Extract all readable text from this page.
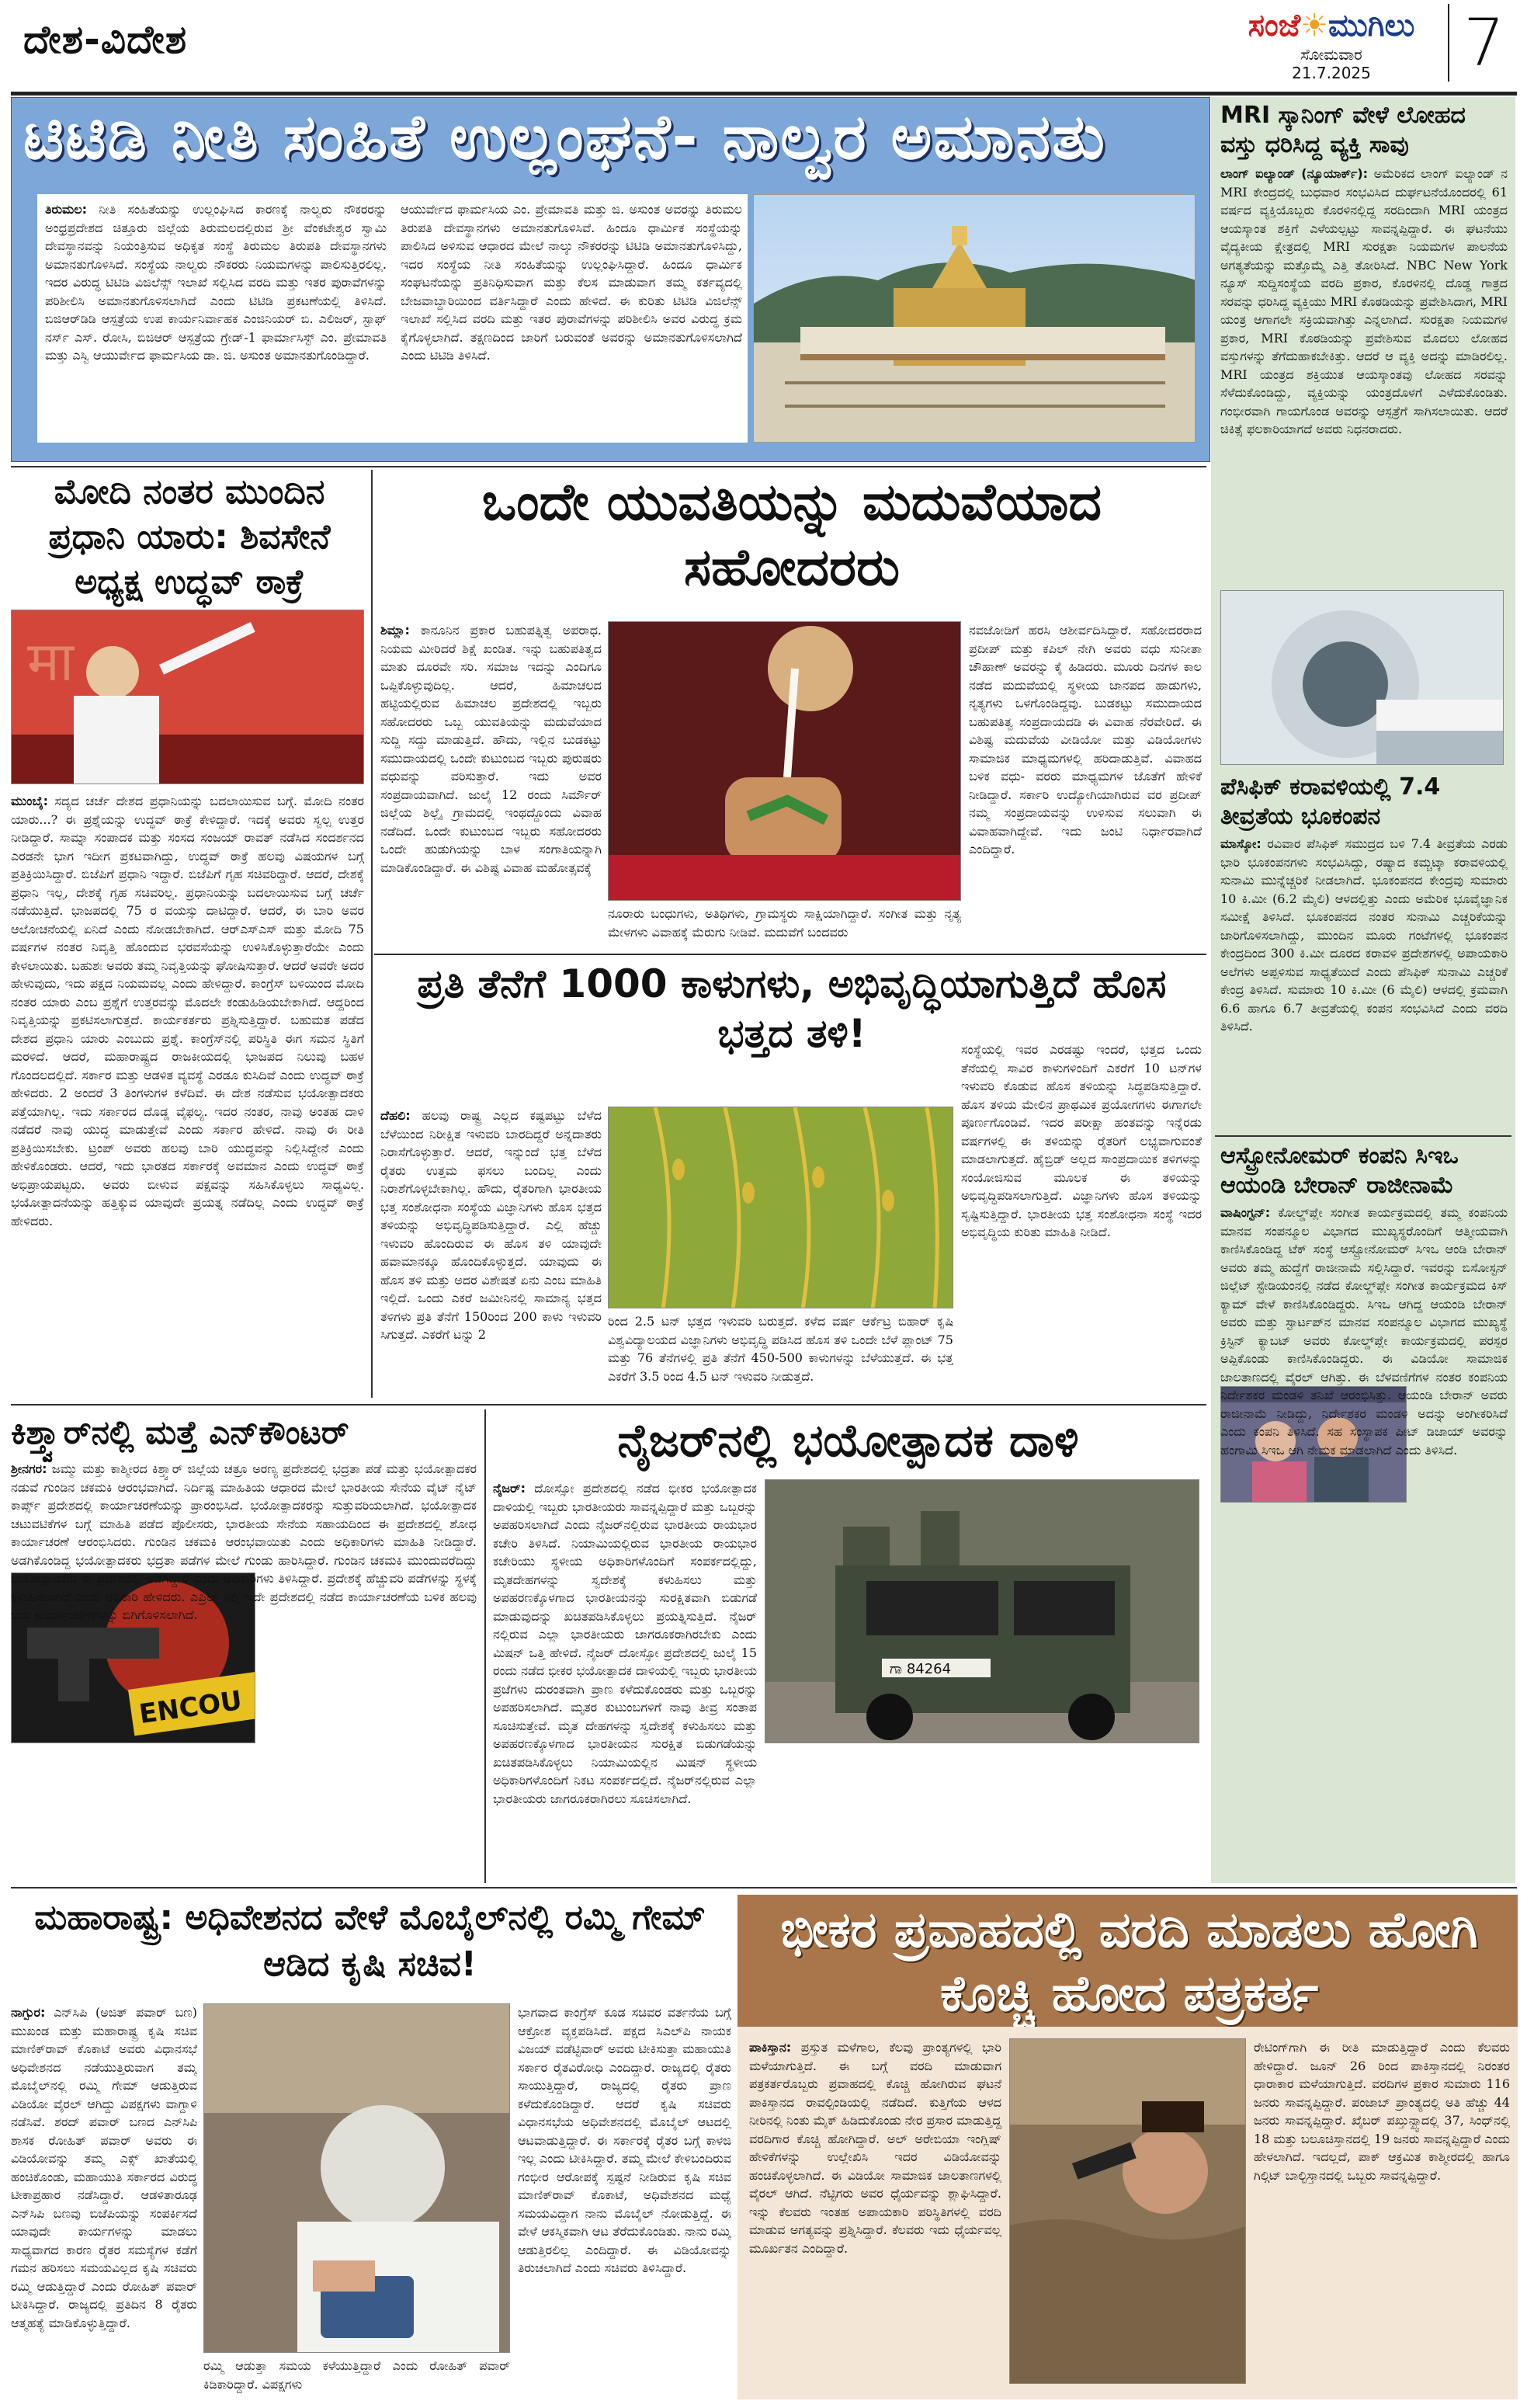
ದೇಶ-ವಿದೇಶ	ಸಂಜೆ☀ಮುಗಿಲು
ಸೋಮವಾರ
21.7.2025	7
ಟಿಟಿಡಿ ನೀತಿ ಸಂಹಿತೆ ಉಲ್ಲಂಘನೆ- ನಾಲ್ವರ ಅಮಾನತು
ತಿರುಮಲ: ನೀತಿ ಸಂಹಿತೆಯನ್ನು ಉಲ್ಲಂಘಿಸಿದ ಕಾರಣಕ್ಕೆ ನಾಲ್ವರು ನೌಕರರನ್ನು ಅಂಧ್ರಪ್ರದೇಶದ ಚಿತ್ತೂರು ಜಿಲ್ಲೆಯ ತಿರುಮಲದಲ್ಲಿರುವ ಶ್ರೀ ವೆಂಕಟೇಶ್ವರ ಸ್ವಾಮಿ ದೇವಸ್ಥಾನವನ್ನು ನಿಯಂತ್ರಿಸುವ ಅಧಿಕೃತ ಸಂಸ್ಥೆ ತಿರುಮಲ ತಿರುಪತಿ ದೇವಸ್ಥಾನಗಳು ಅಮಾನತುಗೊಳಿಸಿದೆ. ಸಂಸ್ಥೆಯ ನಾಲ್ವರು ನೌಕರರು ನಿಯಮಗಳನ್ನು ಪಾಲಿಸುತ್ತಿರಲಿಲ್ಲ. ಇದರ ವಿರುದ್ಧ ಟಿಟಿಡಿ ವಿಜಿಲೆನ್ಸ್ ಇಲಾಖೆ ಸಲ್ಲಿಸಿದ ವರದಿ ಮತ್ತು ಇತರ ಪುರಾವೆಗಳನ್ನು ಪರಿಶೀಲಿಸಿ ಅಮಾನತುಗೊಳಿಸಲಾಗಿದೆ ಎಂದು ಟಿಟಿಡಿ ಪ್ರಕಟಣೆಯಲ್ಲಿ ತಿಳಿಸಿದೆ. ಬಿಜಿಆರ್‌ಡಿಡಿ ಆಸ್ಪತ್ರೆಯ ಉಪ ಕಾರ್ಯನಿರ್ವಾಹಕ ಎಂಜಿನಿಯರ್ ಬಿ. ಎಲಿಜರ್, ಸ್ಟಾಫ್ ನರ್ಸ್ ಎಸ್. ರೋಸಿ, ಬಿಜಿಆರ್ ಆಸ್ಪತ್ರೆಯ ಗ್ರೇಡ್-1 ಫಾರ್ಮಾಸಿಸ್ಟ್ ಎಂ. ಪ್ರೇಮಾವತಿ ಮತ್ತು ಎಸ್ವಿ ಆಯುರ್ವೇದ ಫಾರ್ಮಸಿಯ ಡಾ. ಜಿ. ಅಸುಂತ ಅಮಾನತುಗೊಂಡಿದ್ದಾರೆ.
ಆಯುರ್ವೇದ ಫಾರ್ಮಸಿಯ ಎಂ. ಪ್ರೇಮಾವತಿ ಮತ್ತು ಜಿ. ಅಸುಂತ ಅವರನ್ನು ತಿರುಮಲ ತಿರುಪತಿ ದೇವಸ್ಥಾನಗಳು ಅಮಾನತುಗೊಳಿಸಿವೆ. ಹಿಂದೂ ಧಾರ್ಮಿಕ ಸಂಸ್ಥೆಯನ್ನು ಪಾಲಿಸಿದ ಅಳಿಸುವ ಆಧಾರದ ಮೇಲೆ ನಾಲ್ಕು ನೌಕರರನ್ನು ಟಿಟಿಡಿ ಅಮಾನತುಗೊಳಿಸಿದ್ದು, ಇದರ ಸಂಸ್ಥೆಯ ನೀತಿ ಸಂಹಿತೆಯನ್ನು ಉಲ್ಲಂಘಿಸಿದ್ದಾರೆ. ಹಿಂದೂ ಧಾರ್ಮಿಕ ಸಂಘಟನೆಯನ್ನು ಪ್ರತಿನಿಧಿಸುವಾಗ ಮತ್ತು ಕೆಲಸ ಮಾಡುವಾಗ ತಮ್ಮ ಕರ್ತವ್ಯದಲ್ಲಿ ಬೇಜವಾಬ್ದಾರಿಯಿಂದ ವರ್ತಿಸಿದ್ದಾರೆ ಎಂದು ಹೇಳಿದೆ. ಈ ಕುರಿತು ಟಿಟಿಡಿ ವಿಜಿಲೆನ್ಸ್ ಇಲಾಖೆ ಸಲ್ಲಿಸಿದ ವರದಿ ಮತ್ತು ಇತರ ಪುರಾವೆಗಳನ್ನು ಪರಿಶೀಲಿಸಿ ಅವರ ವಿರುದ್ಧ ಕ್ರಮ ಕೈಗೊಳ್ಳಲಾಗಿದೆ. ತಕ್ಷಣದಿಂದ ಜಾರಿಗೆ ಬರುವಂತೆ ಅವರನ್ನು ಅಮಾನತುಗೊಳಿಸಲಾಗಿದೆ ಎಂದು ಟಿಟಿಡಿ ತಿಳಿಸಿದೆ.
ಮೋದಿ ನಂತರ ಮುಂದಿನ ಪ್ರಧಾನಿ ಯಾರು: ಶಿವಸೇನೆ ಅಧ್ಯಕ್ಷ ಉದ್ಧವ್ ಠಾಕ್ರೆ
मा
ಮುಂಬೈ: ಸದ್ಯದ ಚರ್ಚೆ ದೇಶದ ಪ್ರಧಾನಿಯನ್ನು ಬದಲಾಯಿಸುವ ಬಗ್ಗೆ. ಮೋದಿ ನಂತರ ಯಾರು...? ಈ ಪ್ರಶ್ನೆಯನ್ನು ಉದ್ಧವ್ ಠಾಕ್ರೆ ಕೇಳಿದ್ದಾರೆ. ಇದಕ್ಕೆ ಅವರು ಸ್ವಲ್ಪ ಉತ್ತರ ನೀಡಿದ್ದಾರೆ. ಸಾಮ್ನಾ ಸಂಪಾದಕ ಮತ್ತು ಸಂಸದ ಸಂಜಯ್ ರಾವತ್ ನಡೆಸಿದ ಸಂದರ್ಶನದ ಎರಡನೇ ಭಾಗ ಇದೀಗ ಪ್ರಕಟವಾಗಿದ್ದು, ಉದ್ಧವ್ ಠಾಕ್ರೆ ಹಲವು ವಿಷಯಗಳ ಬಗ್ಗೆ ಪ್ರತಿಕ್ರಿಯಿಸಿದ್ದಾರೆ. ಬಿಜೆಪಿಗೆ ಪ್ರಧಾನಿ ಇದ್ದಾರೆ. ಬಿಜೆಪಿಗೆ ಗೃಹ ಸಚಿವರಿದ್ದಾರೆ. ಆದರೆ, ದೇಶಕ್ಕೆ ಪ್ರಧಾನಿ ಇಲ್ಲ, ದೇಶಕ್ಕೆ ಗೃಹ ಸಚಿವರಿಲ್ಲ. ಪ್ರಧಾನಿಯನ್ನು ಬದಲಾಯಿಸುವ ಬಗ್ಗೆ ಚರ್ಚೆ ನಡೆಯುತ್ತಿದೆ. ಭಾಜಪದಲ್ಲಿ 75 ರ ವಯಸ್ಸು ದಾಟಿದ್ದಾರೆ. ಆದರೆ, ಈ ಬಾರಿ ಅವರ ಆಲೋಚನೆಯಲ್ಲಿ ಏನಿದೆ ಎಂದು ನೋಡಬೇಕಾಗಿದೆ. ಆರ್‌ಎಸ್‌ಎಸ್ ಮತ್ತು ಮೋದಿ 75 ವರ್ಷಗಳ ನಂತರ ನಿವೃತ್ತಿ ಹೊಂದುವ ಭರವಸೆಯನ್ನು ಉಳಿಸಿಕೊಳ್ಳುತ್ತಾರೆಯೇ ಎಂದು ಕೇಳಲಾಯಿತು. ಬಹುಶಃ ಅವರು ತಮ್ಮ ನಿವೃತ್ತಿಯನ್ನು ಘೋಷಿಸುತ್ತಾರೆ. ಆದರೆ ಅವರೇ ಅದರ ಹೇಳುವುದು, ಇದು ಪಕ್ಷದ ನಿಯಮವಲ್ಲ ಎಂದು ಹೇಳಿದ್ದಾರೆ. ಕಾಂಗ್ರೆಸ್ ಬಳಿಯಿಂದ ಮೋದಿ ನಂತರ ಯಾರು ಎಂಬ ಪ್ರಶ್ನೆಗೆ ಉತ್ತರವನ್ನು ಮೊದಲೇ ಕಂಡುಹಿಡಿಯಬೇಕಾಗಿದೆ. ಆದ್ದರಿಂದ ನಿವೃತ್ತಿಯನ್ನು ಪ್ರಕಟಿಸಲಾಗುತ್ತದೆ. ಕಾರ್ಯಕರ್ತರು ಪ್ರಶ್ನಿಸುತ್ತಿದ್ದಾರೆ. ಬಹುಮತ ಪಡೆದ ದೇಶದ ಪ್ರಧಾನಿ ಯಾರು ಎಂಬುದು ಪ್ರಶ್ನೆ. ಕಾಂಗ್ರೆಸ್‌ನಲ್ಲಿ ಪರಿಸ್ಥಿತಿ ಈಗ ಸಮನ ಸ್ಥಿತಿಗೆ ಮರಳಿದೆ. ಆದರೆ, ಮಹಾರಾಷ್ಟ್ರದ ರಾಜಕೀಯದಲ್ಲಿ ಭಾಜಪದ ನಿಲುವು ಬಹಳ ಗೊಂದಲದಲ್ಲಿದೆ. ಸರ್ಕಾರ ಮತ್ತು ಆಡಳಿತ ವ್ಯವಸ್ಥೆ ಎರಡೂ ಕುಸಿದಿವೆ ಎಂದು ಉದ್ಧವ್ ಠಾಕ್ರೆ ಹೇಳಿದರು. 2 ಅಂದರೆ 3 ತಿಂಗಳುಗಳ ಕಳೆದಿವೆ. ಈ ದೇಶ ನಡೆಸುವ ಭಯೋತ್ಪಾದಕರು ಪತ್ತೆಯಾಗಿಲ್ಲ. ಇದು ಸರ್ಕಾರದ ದೊಡ್ಡ ವೈಫಲ್ಯ. ಇದರ ನಂತರ, ನಾವು ಅಂತಹ ದಾಳಿ ನಡೆದರೆ ನಾವು ಯುದ್ಧ ಮಾಡುತ್ತೇವೆ ಎಂದು ಸರ್ಕಾರ ಹೇಳಿದೆ. ನಾವು ಈ ರೀತಿ ಪ್ರತಿಕ್ರಿಯಿಸಬೇಕು. ಟ್ರಂಪ್ ಅವರು ಹಲವು ಬಾರಿ ಯುದ್ಧವನ್ನು ನಿಲ್ಲಿಸಿದ್ದೇನೆ ಎಂದು ಹೇಳಿಕೊಂಡರು. ಆದರೆ, ಇದು ಭಾರತದ ಸರ್ಕಾರಕ್ಕೆ ಅವಮಾನ ಎಂದು ಉದ್ಧವ್ ಠಾಕ್ರೆ ಅಭಿಪ್ರಾಯಪಟ್ಟರು. ಅವರು ಬೀಳುವ ಪಕ್ಷವನ್ನು ಸಹಿಸಿಕೊಳ್ಳಲು ಸಾಧ್ಯವಿಲ್ಲ. ಭಯೋತ್ಪಾದನೆಯನ್ನು ಹತ್ತಿಕ್ಕುವ ಯಾವುದೇ ಪ್ರಯತ್ನ ನಡೆದಿಲ್ಲ ಎಂದು ಉದ್ಧವ್ ಠಾಕ್ರೆ ಹೇಳಿದರು.
ಒಂದೇ ಯುವತಿಯನ್ನು ಮದುವೆಯಾದ ಸಹೋದರರು
ಶಿಮ್ಲಾ: ಕಾನೂನಿನ ಪ್ರಕಾರ ಬಹುಪತ್ನಿತ್ವ ಅಪರಾಧ. ನಿಯಮ ಮೀರಿದರೆ ಶಿಕ್ಷೆ ಖಂಡಿತ. ಇನ್ನು ಬಹುಪತಿತ್ವದ ಮಾತು ದೂರವೇ ಸರಿ. ಸಮಾಜ ಇದನ್ನು ಎಂದಿಗೂ ಒಪ್ಪಿಕೊಳ್ಳುವುದಿಲ್ಲ. ಆದರೆ, ಹಿಮಾಚಲದ ಹಟ್ಟಿಯಲ್ಲಿರುವ ಹಿಮಾಚಲ ಪ್ರದೇಶದಲ್ಲಿ ಇಬ್ಬರು ಸಹೋದರರು ಒಬ್ಬ ಯುವತಿಯನ್ನು ಮದುವೆಯಾದ ಸುದ್ದಿ ಸದ್ದು ಮಾಡುತ್ತಿದೆ. ಹೌದು, ಇಲ್ಲಿನ ಬುಡಕಟ್ಟು ಸಮುದಾಯದಲ್ಲಿ ಒಂದೇ ಕುಟುಂಬದ ಇಬ್ಬರು ಪುರುಷರು ವಧುವನ್ನು ವರಿಸುತ್ತಾರೆ. ಇದು ಅವರ ಸಂಪ್ರದಾಯವಾಗಿದೆ. ಜುಲೈ 12 ರಂದು ಸಿರ್ಮೌರ್ ಜಿಲ್ಲೆಯ ಶಿಲ್ಲೈ ಗ್ರಾಮದಲ್ಲಿ ಇಂಥದ್ದೊಂದು ವಿವಾಹ ನಡೆದಿದೆ. ಒಂದೇ ಕುಟುಂಬದ ಇಬ್ಬರು ಸಹೋದರರು ಒಂದೇ ಹುಡುಗಿಯನ್ನು ಬಾಳ ಸಂಗಾತಿಯನ್ನಾಗಿ ಮಾಡಿಕೊಂಡಿದ್ದಾರೆ. ಈ ವಿಶಿಷ್ಟ ವಿವಾಹ ಮಹೋತ್ಸವಕ್ಕೆ
ನೂರಾರು ಬಂಧುಗಳು, ಅತಿಥಿಗಳು, ಗ್ರಾಮಸ್ಥರು ಸಾಕ್ಷಿಯಾಗಿದ್ದಾರೆ. ಸಂಗೀತ ಮತ್ತು ನೃತ್ಯ ಮೇಳಗಳು ವಿವಾಹಕ್ಕೆ ಮೆರುಗು ನೀಡಿವೆ. ಮದುವೆಗೆ ಬಂದವರು
ನವಜೋಡಿಗೆ ಹರಸಿ ಆಶೀರ್ವದಿಸಿದ್ದಾರೆ. ಸಹೋದರರಾದ ಪ್ರದೀಪ್ ಮತ್ತು ಕಪಿಲ್ ನೇಗಿ ಅವರು ವಧು ಸುನೀತಾ ಚೌಹಾಣ್ ಅವರನ್ನು ಕೈ ಹಿಡಿದರು. ಮೂರು ದಿನಗಳ ಕಾಲ ನಡೆದ ಮದುವೆಯಲ್ಲಿ ಸ್ಥಳೀಯ ಜಾನಪದ ಹಾಡುಗಳು, ನೃತ್ಯಗಳು ಒಳಗೊಂಡಿದ್ದವು. ಬುಡಕಟ್ಟು ಸಮುದಾಯದ ಬಹುಪತಿತ್ವ ಸಂಪ್ರದಾಯದಡಿ ಈ ವಿವಾಹ ನೆರವೇರಿದೆ. ಈ ವಿಶಿಷ್ಟ ಮದುವೆಯ ವೀಡಿಯೋ ಮತ್ತು ವಿಡಿಯೋಗಳು ಸಾಮಾಜಿಕ ಮಾಧ್ಯಮಗಳಲ್ಲಿ ಹರಿದಾಡುತ್ತಿವೆ. ವಿವಾಹದ ಬಳಿಕ ವಧು- ವರರು ಮಾಧ್ಯಮಗಳ ಜೊತೆಗೆ ಹೇಳಿಕೆ ನೀಡಿದ್ದಾರೆ. ಸರ್ಕಾರಿ ಉದ್ಯೋಗಿಯಾಗಿರುವ ವರ ಪ್ರದೀಪ್ ನಮ್ಮ ಸಂಪ್ರದಾಯವನ್ನು ಉಳಿಸುವ ಸಲುವಾಗಿ ಈ ವಿವಾಹವಾಗಿದ್ದೇವೆ. ಇದು ಜಂಟಿ ನಿರ್ಧಾರವಾಗಿದೆ ಎಂದಿದ್ದಾರೆ.
ಪ್ರತಿ ತೆನೆಗೆ 1000 ಕಾಳುಗಳು, ಅಭಿವೃದ್ಧಿಯಾಗುತ್ತಿದೆ ಹೊಸ ಭತ್ತದ ತಳಿ!
ದೆಹಲಿ: ಹಲವು ರಾಷ್ಟ್ರ ಎಲ್ಲದ ಕಷ್ಟಪಟ್ಟು ಬೆಳೆದ ಬೆಳೆಯಿಂದ ನಿರೀಕ್ಷಿತ ಇಳುವರಿ ಬಾರದಿದ್ದರೆ ಅನ್ನದಾತರು ನಿರಾಸೆಗೊಳ್ಳುತ್ತಾರೆ. ಆದರೆ, ಇನ್ನುಂದೆ ಭತ್ತ ಬೆಳೆದ ರೈತರು ಉತ್ತಮ ಫಸಲು ಬಂದಿಲ್ಲ ಎಂದು ನಿರಾಶೆಗೊಳ್ಳಬೇಕಾಗಿಲ್ಲ. ಹೌದು, ರೈತರಿಗಾಗಿ ಭಾರತೀಯ ಭತ್ತ ಸಂಶೋಧನಾ ಸಂಸ್ಥೆಯ ವಿಜ್ಞಾನಿಗಳು ಹೊಸ ಭತ್ತದ ತಳಿಯನ್ನು ಅಭಿವೃದ್ಧಿಪಡಿಸುತ್ತಿದ್ದಾರೆ. ಎಲ್ಲಿ ಹೆಚ್ಚು ಇಳುವರಿ ಹೊಂದಿರುವ ಈ ಹೊಸ ತಳಿ ಯಾವುದೇ ಹವಾಮಾನಕ್ಕೂ ಹೊಂದಿಕೊಳ್ಳುತ್ತದೆ. ಯಾವುದು ಈ ಹೊಸ ತಳಿ ಮತ್ತು ಅದರ ವಿಶೇಷತೆ ಏನು ಎಂಬ ಮಾಹಿತಿ ಇಲ್ಲಿದೆ. ಒಂದು ಎಕರೆ ಜಮೀನಿನಲ್ಲಿ ಸಾಮಾನ್ಯ ಭತ್ತದ ತಳಿಗಳು ಪ್ರತಿ ತೆನೆಗೆ 150ರಿಂದ 200 ಕಾಳು ಇಳುವರಿ ಸಿಗುತ್ತದೆ. ಎಕರೆಗೆ ಟನ್ನು 2
ರಿಂದ 2.5 ಟನ್ ಭತ್ತದ ಇಳುವರಿ ಬರುತ್ತದೆ. ಕಳೆದ ವರ್ಷ ಆರ್ಕೆಟ್ರ ಬಿಹಾರ್ ಕೃಷಿ ವಿಶ್ವವಿದ್ಯಾಲಯದ ವಿಜ್ಞಾನಿಗಳು ಅಭಿವೃದ್ಧಿ ಪಡಿಸಿದ ಹೊಸ ತಳಿ ಒಂದೇ ಬೆಳೆ ಪ್ಲಾಂಟ್ 75 ಮತ್ತು 76 ತೆನೆಗಳಲ್ಲಿ ಪ್ರತಿ ತೆನೆಗೆ 450-500 ಕಾಳುಗಳನ್ನು ಬೆಳೆಯುತ್ತದೆ. ಈ ಭತ್ತ ಎಕರೆಗೆ 3.5 ರಿಂದ 4.5 ಟನ್ ಇಳುವರಿ ನೀಡುತ್ತದೆ.
ಸಂಸ್ಥೆಯಲ್ಲಿ ಇವರ ಎರಡಷ್ಟು ಇಂದರೆ, ಭತ್ತದ ಒಂದು ತೆನೆಯಲ್ಲಿ ಸಾವಿರ ಕಾಳುಗಳಿಂದಿಗೆ ಎಕರೆಗೆ 10 ಟನ್‌ಗಳ ಇಳುವರಿ ಕೊಡುವ ಹೊಸ ತಳಿಯನ್ನು ಸಿದ್ಧಪಡಿಸುತ್ತಿದ್ದಾರೆ. ಹೊಸ ತಳಿಯ ಮೇಲಿನ ಪ್ರಾಥಮಿಕ ಪ್ರಯೋಗಗಳು ಈಗಾಗಲೇ ಪೂರ್ಣಗೊಂಡಿವೆ. ಇದರ ಪರೀಕ್ಷಾ ಹಂತವನ್ನು ಇನ್ನೆರಡು ವರ್ಷಗಳಲ್ಲಿ ಈ ತಳಿಯನ್ನು ರೈತರಿಗೆ ಲಭ್ಯವಾಗುವಂತೆ ಮಾಡಲಾಗುತ್ತದೆ. ಹೈಬ್ರಿಡ್ ಅಲ್ಲದ ಸಾಂಪ್ರದಾಯಿಕ ತಳಿಗಳನ್ನು ಸಂಯೋಜಿಸುವ ಮೂಲಕ ಈ ತಳಿಯನ್ನು ಅಭಿವೃದ್ಧಿಪಡಿಸಲಾಗುತ್ತಿದೆ. ವಿಜ್ಞಾನಿಗಳು ಹೊಸ ತಳಿಯನ್ನು ಸೃಷ್ಟಿಸುತ್ತಿದ್ದಾರೆ. ಭಾರತೀಯ ಭತ್ತ ಸಂಶೋಧನಾ ಸಂಸ್ಥೆ ಇದರ ಅಭಿವೃದ್ಧಿಯ ಕುರಿತು ಮಾಹಿತಿ ನೀಡಿದೆ.
ಕಿಶ್ತ್ವಾರ್‌ನಲ್ಲಿ ಮತ್ತೆ ಎನ್‌ಕೌಂಟರ್
ENCOU
ಶ್ರೀನಗರ: ಜಮ್ಮು ಮತ್ತು ಕಾಶ್ಮೀರದ ಕಿಶ್ತ್ವಾರ್ ಜಿಲ್ಲೆಯ ಚತ್ರೂ ಅರಣ್ಯ ಪ್ರದೇಶದಲ್ಲಿ ಭದ್ರತಾ ಪಡೆ ಮತ್ತು ಭಯೋತ್ಪಾದಕರ ನಡುವೆ ಗುಂಡಿನ ಚಕಮಕಿ ಆರಂಭವಾಗಿದೆ. ನಿರ್ದಿಷ್ಟ ಮಾಹಿತಿಯ ಆಧಾರದ ಮೇಲೆ ಭಾರತೀಯ ಸೇನೆಯ ವೈಟ್ ನೈಟ್ ಕಾರ್ಪ್ಸ್ ಪ್ರದೇಶದಲ್ಲಿ ಕಾರ್ಯಾಚರಣೆಯನ್ನು ಪ್ರಾರಂಭಿಸಿದೆ. ಭಯೋತ್ಪಾದಕರನ್ನು ಸುತ್ತುವರಿಯಲಾಗಿದೆ. ಭಯೋತ್ಪಾದಕ ಚಟುವಟಿಕೆಗಳ ಬಗ್ಗೆ ಮಾಹಿತಿ ಪಡೆದ ಪೊಲೀಸರು, ಭಾರತೀಯ ಸೇನೆಯ ಸಹಾಯದಿಂದ ಈ ಪ್ರದೇಶದಲ್ಲಿ ಶೋಧ ಕಾರ್ಯಾಚರಣೆ ಆರಂಭಿಸಿದರು. ಗುಂಡಿನ ಚಕಮಕಿ ಆರಂಭವಾಯಿತು ಎಂದು ಅಧಿಕಾರಿಗಳು ಮಾಹಿತಿ ನೀಡಿದ್ದಾರೆ. ಅಡಗಿಕೊಂಡಿದ್ದ ಭಯೋತ್ಪಾದಕರು ಭದ್ರತಾ ಪಡೆಗಳ ಮೇಲೆ ಗುಂಡು ಹಾರಿಸಿದ್ದಾರೆ. ಗುಂಡಿನ ಚಕಮಕಿ ಮುಂದುವರೆದಿದ್ದು ಭಯೋತ್ಪಾದಕರು ಈ ಪ್ರದೇಶದಲ್ಲಿ ಅಡಗಿದ್ದಾರೆ ಎಂದು ಅಧಿಕಾರಿಗಳು ತಿಳಿಸಿದ್ದಾರೆ. ಪ್ರದೇಶಕ್ಕೆ ಹೆಚ್ಚುವರಿ ಪಡೆಗಳನ್ನು ಸ್ಥಳಕ್ಕೆ ಕಳುಹಿಸಲಾಗಿದೆ ಎಂದು ಅಧಿಕಾರಿ ಹೇಳಿದರು. ಎಪ್ರಿಲ್ ನಲ್ಲಿ ಇದೇ ಪ್ರದೇಶದಲ್ಲಿ ನಡೆದ ಕಾರ್ಯಾಚರಣೆಯ ಬಳಿಕ ಹಲವು ಬಾರಿ ಕಾರ್ಯಾಚರಣೆಗಳನ್ನು ಬಿಗಿಗೊಳಿಸಲಾಗಿದೆ.
ನೈಜರ್‌ನಲ್ಲಿ ಭಯೋತ್ಪಾದಕ ದಾಳಿ
ನೈಜರ್: ದೋಸ್ಸೋ ಪ್ರದೇಶದಲ್ಲಿ ನಡೆದ ಭೀಕರ ಭಯೋತ್ಪಾದಕ ದಾಳಿಯಲ್ಲಿ ಇಬ್ಬರು ಭಾರತೀಯರು ಸಾವನ್ನಪ್ಪಿದ್ದಾರೆ ಮತ್ತು ಒಬ್ಬರನ್ನು ಅಪಹರಿಸಲಾಗಿದೆ ಎಂದು ನೈಜರ್‌ನಲ್ಲಿರುವ ಭಾರತೀಯ ರಾಯಭಾರ ಕಚೇರಿ ತಿಳಿಸಿದೆ. ನಿಯಾಮಿಯಲ್ಲಿರುವ ಭಾರತೀಯ ರಾಯಭಾರ ಕಚೇರಿಯು ಸ್ಥಳೀಯ ಅಧಿಕಾರಿಗಳೊಂದಿಗೆ ಸಂಪರ್ಕದಲ್ಲಿದ್ದು, ಮೃತದೇಹಗಳನ್ನು ಸ್ವದೇಶಕ್ಕೆ ಕಳುಹಿಸಲು ಮತ್ತು ಅಪಹರಣಕ್ಕೊಳಗಾದ ಭಾರತೀಯನನ್ನು ಸುರಕ್ಷಿತವಾಗಿ ಬಿಡುಗಡೆ ಮಾಡುವುದನ್ನು ಖಚಿತಪಡಿಸಿಕೊಳ್ಳಲು ಪ್ರಯತ್ನಿಸುತ್ತಿದೆ. ನೈಜರ್ ನಲ್ಲಿರುವ ಎಲ್ಲಾ ಭಾರತೀಯರು ಜಾಗರೂಕರಾಗಿರಬೇಕು ಎಂದು ಮಿಷನ್ ಒತ್ತಿ ಹೇಳಿದೆ. ನೈಜರ್ ದೋಸ್ಸೋ ಪ್ರದೇಶದಲ್ಲಿ ಜುಲೈ 15 ರಂದು ನಡೆದ ಭೀಕರ ಭಯೋತ್ಪಾದಕ ದಾಳಿಯಲ್ಲಿ ಇಬ್ಬರು ಭಾರತೀಯ ಪ್ರಜೆಗಳು ದುರಂತವಾಗಿ ಪ್ರಾಣ ಕಳೆದುಕೊಂಡರು ಮತ್ತು ಒಬ್ಬರನ್ನು ಅಪಹರಿಸಲಾಗಿದೆ. ಮೃತರ ಕುಟುಂಬಗಳಿಗೆ ನಾವು ತೀವ್ರ ಸಂತಾಪ ಸೂಚಿಸುತ್ತೇವೆ. ಮೃತ ದೇಹಗಳನ್ನು ಸ್ವದೇಶಕ್ಕೆ ಕಳುಹಿಸಲು ಮತ್ತು ಅಪಹರಣಕ್ಕೊಳಗಾದ ಭಾರತೀಯನ ಸುರಕ್ಷಿತ ಬಿಡುಗಡೆಯನ್ನು ಖಚಿತಪಡಿಸಿಕೊಳ್ಳಲು ನಿಯಾಮಿಯಲ್ಲಿನ ಮಿಷನ್ ಸ್ಥಳೀಯ ಅಧಿಕಾರಿಗಳೊಂದಿಗೆ ನಿಕಟ ಸಂಪರ್ಕದಲ್ಲಿದೆ. ನೈಜರ್‌ನಲ್ಲಿರುವ ಎಲ್ಲಾ ಭಾರತೀಯರು ಜಾಗರೂಕರಾಗಿರಲು ಸೂಚಿಸಲಾಗಿದೆ.
ಗಾ 84264
MRI ಸ್ಕಾನಿಂಗ್ ವೇಳೆ ಲೋಹದ ವಸ್ತು ಧರಿಸಿದ್ದ ವ್ಯಕ್ತಿ ಸಾವು
ಲಾಂಗ್ ಐಲ್ಯಾಂಡ್ (ನ್ಯೂಯಾರ್ಕ್): ಅಮೆರಿಕದ ಲಾಂಗ್ ಐಲ್ಯಾಂಡ್ ನ MRI ಕೇಂದ್ರದಲ್ಲಿ ಬುಧವಾರ ಸಂಭವಿಸಿದ ದುರ್ಘಟನೆಯೊಂದರಲ್ಲಿ 61 ವರ್ಷದ ವ್ಯಕ್ತಿಯೊಬ್ಬರು ಕೊರಳಿನಲ್ಲಿದ್ದ ಸರದಿಂದಾಗಿ MRI ಯಂತ್ರದ ಆಯಸ್ಕಾಂತ ಶಕ್ತಿಗೆ ಎಳೆಯಲ್ಪಟ್ಟು ಸಾವನ್ನಪ್ಪಿದ್ದಾರೆ. ಈ ಘಟನೆಯು ವೈದ್ಯಕೀಯ ಕ್ಷೇತ್ರದಲ್ಲಿ MRI ಸುರಕ್ಷತಾ ನಿಯಮಗಳ ಪಾಲನೆಯ ಅಗತ್ಯತೆಯನ್ನು ಮತ್ತೊಮ್ಮೆ ಎತ್ತಿ ತೋರಿಸಿದೆ. NBC New York ನ್ಯೂಸ್ ಸುದ್ದಿಸಂಸ್ಥೆಯ ವರದಿ ಪ್ರಕಾರ, ಕೊರಳಿನಲ್ಲಿ ದೊಡ್ಡ ಗಾತ್ರದ ಸರವನ್ನು ಧರಿಸಿದ್ದ ವ್ಯಕ್ತಿಯು MRI ಕೊಠಡಿಯನ್ನು ಪ್ರವೇಶಿಸಿದಾಗ, MRI ಯಂತ್ರ ಆಗಾಗಲೇ ಸಕ್ರಿಯವಾಗಿತ್ತು ಎನ್ನಲಾಗಿದೆ. ಸುರಕ್ಷತಾ ನಿಯಮಗಳ ಪ್ರಕಾರ, MRI ಕೊಠಡಿಯನ್ನು ಪ್ರವೇಶಿಸುವ ಮೊದಲು ಲೋಹದ ವಸ್ತುಗಳನ್ನು ತೆಗೆದುಹಾಕಬೇಕಿತ್ತು. ಆದರೆ ಆ ವ್ಯಕ್ತಿ ಅದನ್ನು ಮಾಡಿರಲಿಲ್ಲ. MRI ಯಂತ್ರದ ಶಕ್ತಿಯುತ ಆಯಸ್ಕಾಂತವು ಲೋಹದ ಸರವನ್ನು ಸೆಳೆದುಕೊಂಡಿದ್ದು, ವ್ಯಕ್ತಿಯನ್ನು ಯಂತ್ರದೊಳಗೆ ಎಳೆದುಕೊಂಡಿತು. ಗಂಭೀರವಾಗಿ ಗಾಯಗೊಂಡ ಅವರನ್ನು ಆಸ್ಪತ್ರೆಗೆ ಸಾಗಿಸಲಾಯಿತು. ಆದರೆ ಚಿಕಿತ್ಸೆ ಫಲಕಾರಿಯಾಗದೆ ಅವರು ನಿಧನರಾದರು.
ಪೆಸಿಫಿಕ್ ಕರಾವಳಿಯಲ್ಲಿ 7.4 ತೀವ್ರತೆಯ ಭೂಕಂಪನ
ಮಾಸ್ಕೋ: ರವಿವಾರ ಪೆಸಿಫಿಕ್ ಸಮುದ್ರದ ಬಳಿ 7.4 ತೀವ್ರತೆಯ ಎರಡು ಭಾರಿ ಭೂಕಂಪನಗಳು ಸಂಭವಿಸಿದ್ದು, ರಷ್ಯಾದ ಕಮ್ಚಟ್ಕಾ ಕರಾವಳಿಯಲ್ಲಿ ಸುನಾಮಿ ಮುನ್ನೆಚ್ಚರಿಕೆ ನೀಡಲಾಗಿದೆ. ಭೂಕಂಪನದ ಕೇಂದ್ರವು ಸುಮಾರು 10 ಕಿ.ಮೀ (6.2 ಮೈಲಿ) ಆಳದಲ್ಲಿತ್ತು ಎಂದು ಅಮೆರಿಕ ಭೂವೈಜ್ಞಾನಿಕ ಸಮೀಕ್ಷೆ ತಿಳಿಸಿದೆ. ಭೂಕಂಪನದ ನಂತರ ಸುನಾಮಿ ಎಚ್ಚರಿಕೆಯನ್ನು ಜಾರಿಗೊಳಿಸಲಾಗಿದ್ದು, ಮುಂದಿನ ಮೂರು ಗಂಟೆಗಳಲ್ಲಿ ಭೂಕಂಪನ ಕೇಂದ್ರದಿಂದ 300 ಕಿ.ಮೀ ದೂರದ ಕರಾವಳಿ ಪ್ರದೇಶಗಳಲ್ಲಿ ಅಪಾಯಕಾರಿ ಅಲೆಗಳು ಅಪ್ಪಳಿಸುವ ಸಾಧ್ಯತೆಯಿದೆ ಎಂದು ಪೆಸಿಫಿಕ್ ಸುನಾಮಿ ಎಚ್ಚರಿಕೆ ಕೇಂದ್ರ ತಿಳಿಸಿದೆ. ಸುಮಾರು 10 ಕಿ.ಮೀ (6 ಮೈಲಿ) ಆಳದಲ್ಲಿ ಕ್ರಮವಾಗಿ 6.6 ಹಾಗೂ 6.7 ತೀವ್ರತೆಯಲ್ಲಿ ಕಂಪನ ಸಂಭವಿಸಿದೆ ಎಂದು ವರದಿ ತಿಳಿಸಿದೆ.
ಆಸ್ಟ್ರೋನೋಮರ್ ಕಂಪನಿ ಸಿಇಒ ಆಯಂಡಿ ಬೇರಾನ್ ರಾಜೀನಾಮೆ
ವಾಷಿಂಗ್ಟನ್: ಕೋಲ್ಡ್‌ಪ್ಲೇ ಸಂಗೀತ ಕಾರ್ಯಕ್ರಮದಲ್ಲಿ ತಮ್ಮ ಕಂಪನಿಯ ಮಾನವ ಸಂಪನ್ಮೂಲ ವಿಭಾಗದ ಮುಖ್ಯಸ್ಥರೊಂದಿಗೆ ಆತ್ಮೀಯವಾಗಿ ಕಾಣಿಸಿಕೊಂಡಿದ್ದ ಟೆಕ್ ಸಂಸ್ಥೆ ಆಸ್ಟ್ರೋನೋಮರ್ ಸಿಇಒ ಆಂಡಿ ಬೇರಾನ್ ಅವರು ತಮ್ಮ ಹುದ್ದೆಗೆ ರಾಜೀನಾಮೆ ಸಲ್ಲಿಸಿದ್ದಾರೆ. ಇವರನ್ನು ಬಿಸೋಸ್ಟನ್ ಜಿಲ್ಲೆಟ್ ಸ್ಟೇಡಿಯಂನಲ್ಲಿ ನಡೆದ ಕೋಲ್ಡ್‌ಪ್ಲೇ ಸಂಗೀತ ಕಾರ್ಯಕ್ರಮದ ಕಿಸ್ ಕ್ಯಾಮ್ ವೇಳೆ ಕಾಣಿಸಿಕೊಂಡಿದ್ದರು. ಸಿಇಒ ಆಗಿದ್ದ ಆಯಂಡಿ ಬೇರಾನ್ ಅವರು ಮತ್ತು ಸ್ಟಾರ್ಟಪ್‌ನ ಮಾನವ ಸಂಪನ್ಮೂಲ ವಿಭಾಗದ ಮುಖ್ಯಸ್ಥೆ ಕ್ರಿಸ್ಟಿನ್ ಕ್ಯಾಬಟ್ ಅವರು ಕೋಲ್ಡ್‌ಪ್ಲೇ ಕಾರ್ಯಕ್ರಮದಲ್ಲಿ ಪರಸ್ಪರ ಅಪ್ಪಿಕೊಂಡು ಕಾಣಿಸಿಕೊಂಡಿದ್ದರು. ಈ ವಿಡಿಯೋ ಸಾಮಾಜಿಕ ಜಾಲತಾಣದಲ್ಲಿ ವೈರಲ್ ಆಗಿತ್ತು. ಈ ಬೆಳವಣಿಗೆಗಳ ನಂತರ ಕಂಪನಿಯ ನಿರ್ದೇಶಕರ ಮಂಡಳಿ ತನಿಖೆ ಆರಂಭಿಸಿತ್ತು. ಆಯಂಡಿ ಬೇರಾನ್ ಅವರು ರಾಜೀನಾಮೆ ನೀಡಿದ್ದು, ನಿರ್ದೇಶಕರ ಮಂಡಳಿ ಅದನ್ನು ಅಂಗೀಕರಿಸಿದೆ ಎಂದು ಕಂಪನಿ ತಿಳಿಸಿದೆ. ಸಹ ಸಂಸ್ಥಾಪಕ ಪೀಟ್ ಡಿಜಾಯ್ ಅವರನ್ನು ಹಂಗಾಮಿ ಸಿಇಒ ಆಗಿ ನೇಮಕ ಮಾಡಲಾಗಿದೆ ಎಂದು ತಿಳಿಸಿದೆ.
ಮಹಾರಾಷ್ಟ್ರ: ಅಧಿವೇಶನದ ವೇಳೆ ಮೊಬೈಲ್‌ನಲ್ಲಿ ರಮ್ಮಿ ಗೇಮ್ ಆಡಿದ ಕೃಷಿ ಸಚಿವ!
ನಾಗ್ಪುರ: ಎನ್‌ಸಿಪಿ (ಅಜಿತ್ ಪವಾರ್ ಬಣ) ಮುಖಂಡ ಮತ್ತು ಮಹಾರಾಷ್ಟ್ರ ಕೃಷಿ ಸಚಿವ ಮಾಣಿಕ್‌ರಾವ್ ಕೊಕಾಟೆ ಅವರು ವಿಧಾನಸಭೆ ಅಧಿವೇಶನದ ನಡೆಯುತ್ತಿರುವಾಗ ತಮ್ಮ ಮೊಬೈಲ್‌ನಲ್ಲಿ ರಮ್ಮಿ ಗೇಮ್ ಆಡುತ್ತಿರುವ ವಿಡಿಯೋ ವೈರಲ್ ಆಗಿದ್ದು ವಿಪಕ್ಷಗಳು ವಾಗ್ದಾಳಿ ನಡೆಸಿವೆ. ಶರದ್ ಪವಾರ್ ಬಣದ ಎನ್‌ಸಿಪಿ ಶಾಸಕ ರೋಹಿತ್ ಪವಾರ್ ಅವರು ಈ ವಿಡಿಯೋವನ್ನು ತಮ್ಮ ಎಕ್ಸ್ ಖಾತೆಯಲ್ಲಿ ಹಂಚಿಕೊಂಡು, ಮಹಾಯುತಿ ಸರ್ಕಾರದ ವಿರುದ್ಧ ಟೀಕಾಪ್ರಹಾರ ನಡೆಸಿದ್ದಾರೆ. ಆಡಳಿತಾರೂಢ ಎನ್‌ಸಿಪಿ ಬಣವು ಬಿಜೆಪಿಯನ್ನು ಸಂಪರ್ಕಿಸದೆ ಯಾವುದೇ ಕಾರ್ಯಗಳನ್ನು ಮಾಡಲು ಸಾಧ್ಯವಾಗದ ಕಾರಣ ರೈತರ ಸಮಸ್ಯೆಗಳ ಕಡೆಗೆ ಗಮನ ಹರಿಸಲು ಸಮಯವಿಲ್ಲದ ಕೃಷಿ ಸಚಿವರು ರಮ್ಮಿ ಆಡುತ್ತಿದ್ದಾರೆ ಎಂದು ರೋಹಿತ್ ಪವಾರ್ ಟೀಕಿಸಿದ್ದಾರೆ. ರಾಜ್ಯದಲ್ಲಿ ಪ್ರತಿದಿನ 8 ರೈತರು ಆತ್ಮಹತ್ಯೆ ಮಾಡಿಕೊಳ್ಳುತ್ತಿದ್ದಾರೆ.
ರಮ್ಮಿ ಆಡುತ್ತಾ ಸಮಯ ಕಳೆಯುತ್ತಿದ್ದಾರೆ ಎಂದು ರೋಹಿತ್ ಪವಾರ್ ಕಿಡಿಕಾರಿದ್ದಾರೆ. ವಿಪಕ್ಷಗಳು
ಭಾಗವಾದ ಕಾಂಗ್ರೆಸ್ ಕೂಡ ಸಚಿವರ ವರ್ತನೆಯ ಬಗ್ಗೆ ಆಕ್ರೋಶ ವ್ಯಕ್ತಪಡಿಸಿದೆ. ಪಕ್ಷದ ಸಿಎಲ್‌ಪಿ ನಾಯಕ ವಿಜಯ್ ವಡೆಟ್ಟಿವಾರ್ ಅವರು ಟೀಕಿಸುತ್ತಾ ಮಹಾಯುತಿ ಸರ್ಕಾರ ರೈತವಿರೋಧಿ ಎಂದಿದ್ದಾರೆ. ರಾಜ್ಯದಲ್ಲಿ ರೈತರು ಸಾಯುತ್ತಿದ್ದಾರೆ, ರಾಜ್ಯದಲ್ಲಿ ರೈತರು ಪ್ರಾಣ ಕಳೆದುಕೊಂಡಿದ್ದಾರೆ. ಆದರೆ ಕೃಷಿ ಸಚಿವರು ವಿಧಾನಸಭೆಯ ಅಧಿವೇಶನದಲ್ಲಿ ಮೊಬೈಲ್ ಆಟದಲ್ಲಿ ಆಟವಾಡುತ್ತಿದ್ದಾರೆ. ಈ ಸರ್ಕಾರಕ್ಕೆ ರೈತರ ಬಗ್ಗೆ ಕಾಳಜಿ ಇಲ್ಲ ಎಂದು ಟೀಕಿಸಿದ್ದಾರೆ. ತಮ್ಮ ಮೇಲೆ ಕೇಳಿಬಂದಿರುವ ಗಂಭೀರ ಆರೋಪಕ್ಕೆ ಸ್ಪಷ್ಟನೆ ನೀಡಿರುವ ಕೃಷಿ ಸಚಿವ ಮಾಣಿಕ್‌ರಾವ್ ಕೊಕಾಟೆ, ಅಧಿವೇಶನದ ಮಧ್ಯೆ ಸಮಯವಿದ್ದಾಗ ನಾನು ಮೊಬೈಲ್ ನೋಡುತ್ತಿದ್ದೆ. ಈ ವೇಳೆ ಆಕಸ್ಮಿಕವಾಗಿ ಆಟ ತೆರೆದುಕೊಂಡಿತು. ನಾನು ರಮ್ಮಿ ಆಡುತ್ತಿರಲಿಲ್ಲ ಎಂದಿದ್ದಾರೆ. ಈ ವಿಡಿಯೋವನ್ನು ತಿರುಚಲಾಗಿದೆ ಎಂದು ಸಚಿವರು ತಿಳಿಸಿದ್ದಾರೆ.
ಭೀಕರ ಪ್ರವಾಹದಲ್ಲಿ ವರದಿ ಮಾಡಲು ಹೋಗಿ ಕೊಚ್ಚಿ ಹೋದ ಪತ್ರಕರ್ತ
ಪಾಕಿಸ್ತಾನ: ಪ್ರಸ್ತುತ ಮಳೆಗಾಲ, ಕೆಲವು ಪ್ರಾಂತ್ಯಗಳಲ್ಲಿ ಭಾರಿ ಮಳೆಯಾಗುತ್ತಿದೆ. ಈ ಬಗ್ಗೆ ವರದಿ ಮಾಡುವಾಗ ಪತ್ರಕರ್ತರೊಬ್ಬರು ಪ್ರವಾಹದಲ್ಲಿ ಕೊಚ್ಚಿ ಹೋಗಿರುವ ಘಟನೆ ಪಾಕಿಸ್ತಾನದ ರಾವಲ್ಪಿಂಡಿಯಲ್ಲಿ ನಡೆದಿದೆ. ಕುತ್ತಿಗೆಯ ಆಳದ ನೀರಿನಲ್ಲಿ ನಿಂತು ಮೈಕ್ ಹಿಡಿದುಕೊಂಡು ನೇರ ಪ್ರಸಾರ ಮಾಡುತ್ತಿದ್ದ ವರದಿಗಾರ ಕೊಚ್ಚಿ ಹೋಗಿದ್ದಾರೆ. ಅಲ್ ಅರೇಬಿಯಾ ಇಂಗ್ಲಿಷ್ ಹೇಳಿಕೆಗಳನ್ನು ಉಲ್ಲೇಖಿಸಿ ಇದರ ವಿಡಿಯೋವನ್ನು ಹಂಚಿಕೊಳ್ಳಲಾಗಿದೆ. ಈ ವಿಡಿಯೋ ಸಾಮಾಜಿಕ ಜಾಲತಾಣಗಳಲ್ಲಿ ವೈರಲ್ ಆಗಿದೆ. ನೆಟ್ಟಿಗರು ಅವರ ಧೈರ್ಯವನ್ನು ಶ್ಲಾಘಿಸಿದ್ದಾರೆ. ಇನ್ನು ಕೆಲವರು ಇಂತಹ ಅಪಾಯಕಾರಿ ಪರಿಸ್ಥಿತಿಗಳಲ್ಲಿ ವರದಿ ಮಾಡುವ ಅಗತ್ಯವನ್ನು ಪ್ರಶ್ನಿಸಿದ್ದಾರೆ. ಕೆಲವರು ಇದು ಧೈರ್ಯವಲ್ಲ ಮೂರ್ಖತನ ಎಂದಿದ್ದಾರೆ.
ರೇಟಿಂಗ್‌ಗಾಗಿ ಈ ರೀತಿ ಮಾಡುತ್ತಿದ್ದಾರೆ ಎಂದು ಕೆಲವರು ಹೇಳಿದ್ದಾರೆ. ಜೂನ್ 26 ರಿಂದ ಪಾಕಿಸ್ತಾನದಲ್ಲಿ ನಿರಂತರ ಧಾರಾಕಾರ ಮಳೆಯಾಗುತ್ತಿದೆ. ವರದಿಗಳ ಪ್ರಕಾರ ಸುಮಾರು 116 ಜನರು ಸಾವನ್ನಪ್ಪಿದ್ದಾರೆ. ಪಂಜಾಬ್ ಪ್ರಾಂತ್ಯದಲ್ಲಿ ಅತಿ ಹೆಚ್ಚು 44 ಜನರು ಸಾವನ್ನಪ್ಪಿದ್ದಾರೆ. ಖೈಬರ್ ಪಖ್ತುನ್ಖ್ವಾದಲ್ಲಿ 37, ಸಿಂಧ್‌ನಲ್ಲಿ 18 ಮತ್ತು ಬಲೂಚಿಸ್ತಾನದಲ್ಲಿ 19 ಜನರು ಸಾವನ್ನಪ್ಪಿದ್ದಾರೆ ಎಂದು ಹೇಳಲಾಗಿದೆ. ಇದಲ್ಲದೆ, ಪಾಕ್ ಆಕ್ರಮಿತ ಕಾಶ್ಮೀರದಲ್ಲಿ ಹಾಗೂ ಗಿಲ್ಗಿಟ್ ಬಾಲ್ಟಿಸ್ತಾನದಲ್ಲಿ ಒಬ್ಬರು ಸಾವನ್ನಪ್ಪಿದ್ದಾರೆ.
